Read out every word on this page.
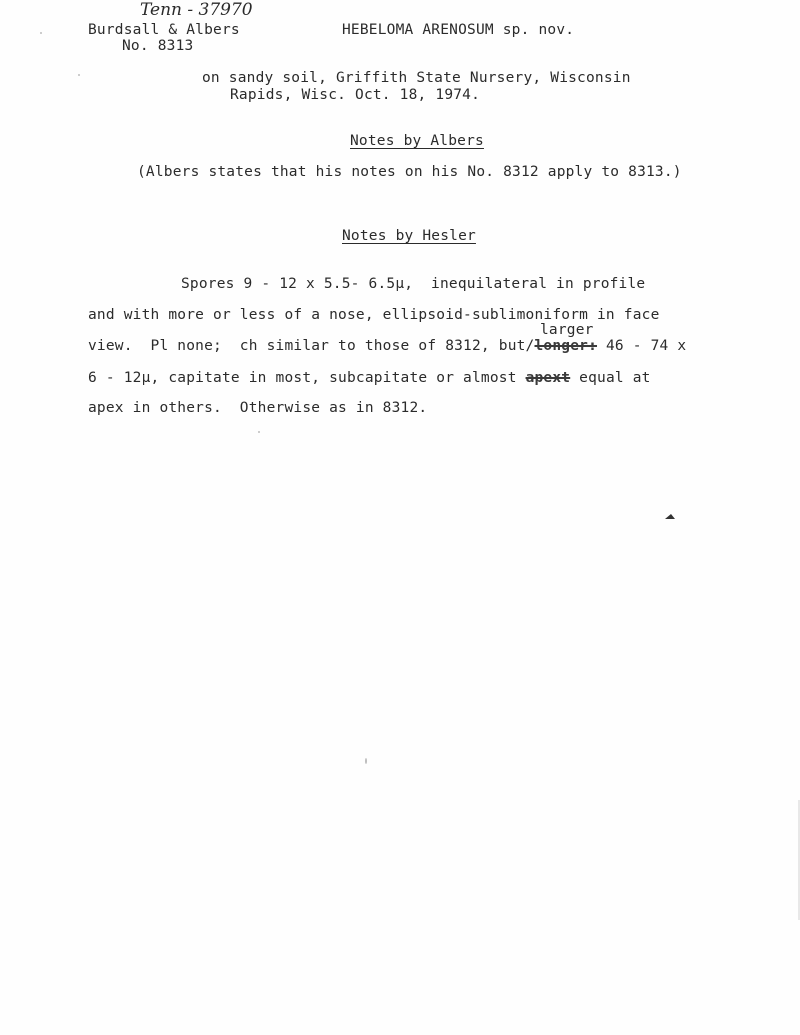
Tenn - 37970
Burdsall & Albers
No. 8313
HEBELOMA ARENOSUM sp. nov.
on sandy soil, Griffith State Nursery, Wisconsin
Rapids, Wisc. Oct. 18, 1974.
Notes by Albers
(Albers states that his notes on his No. 8312 apply to 8313.)
Notes by Hesler
Spores 9 - 12 x 5.5- 6.5µ,  inequilateral in profile
and with more or less of a nose, ellipsoid-sublimoniform in face
larger
view.  Pl none;  ch similar to those of 8312, but/longer: 46 - 74 x
6 - 12µ, capitate in most, subcapitate or almost apext equal at
apex in others.  Otherwise as in 8312.
